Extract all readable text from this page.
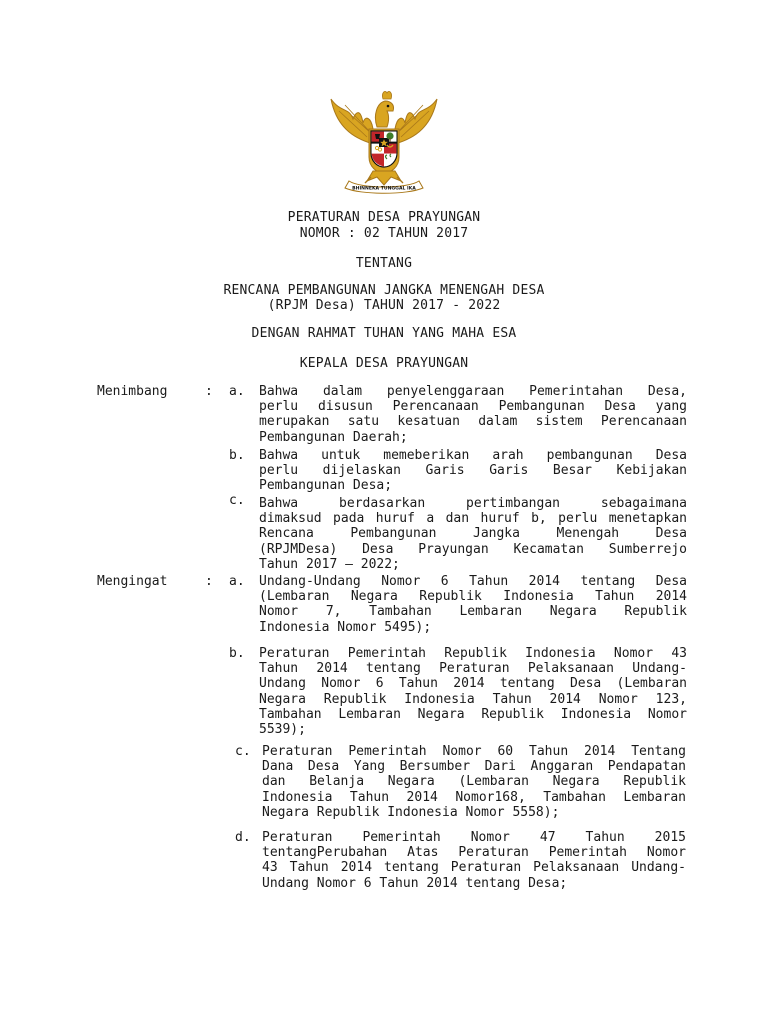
BHINNEKA TUNGGAL IKA
PERATURAN DESA PRAYUNGAN
NOMOR : 02 TAHUN 2017
TENTANG
RENCANA PEMBANGUNAN JANGKA MENENGAH DESA
(RPJM Desa) TAHUN 2017 - 2022
DENGAN RAHMAT TUHAN YANG MAHA ESA
KEPALA DESA PRAYUNGAN
Menimbang	: a. Bahwa dalam penyelenggaraan Pemerintahan Desa,
perlu disusun Perencanaan Pembangunan Desa yang
merupakan satu kesatuan dalam sistem Perencanaan
Pembangunan Daerah;
b. Bahwa untuk memeberikan arah pembangunan Desa
perlu dijelaskan Garis Garis Besar Kebijakan
Pembangunan Desa;
c. Bahwa berdasarkan pertimbangan sebagaimana
dimaksud pada huruf a dan huruf b, perlu menetapkan
Rencana Pembangunan Jangka Menengah Desa
(RPJMDesa) Desa Prayungan Kecamatan Sumberrejo
Tahun 2017 – 2022;
Mengingat	: a. Undang-Undang Nomor 6 Tahun 2014 tentang Desa
(Lembaran Negara Republik Indonesia Tahun 2014
Nomor 7, Tambahan Lembaran Negara Republik
Indonesia Nomor 5495);
b. Peraturan Pemerintah Republik Indonesia Nomor 43
Tahun 2014 tentang Peraturan Pelaksanaan Undang-
Undang Nomor 6 Tahun 2014 tentang Desa (Lembaran
Negara Republik Indonesia Tahun 2014 Nomor 123,
Tambahan Lembaran Negara Republik Indonesia Nomor
5539);
c. Peraturan Pemerintah Nomor 60 Tahun 2014 Tentang
Dana Desa Yang Bersumber Dari Anggaran Pendapatan
dan Belanja Negara (Lembaran Negara Republik
Indonesia Tahun 2014 Nomor168, Tambahan Lembaran
Negara Republik Indonesia Nomor 5558);
d. Peraturan Pemerintah Nomor 47 Tahun 2015
tentangPerubahan Atas Peraturan Pemerintah Nomor
43 Tahun 2014 tentang Peraturan Pelaksanaan Undang-
Undang Nomor 6 Tahun 2014 tentang Desa;
